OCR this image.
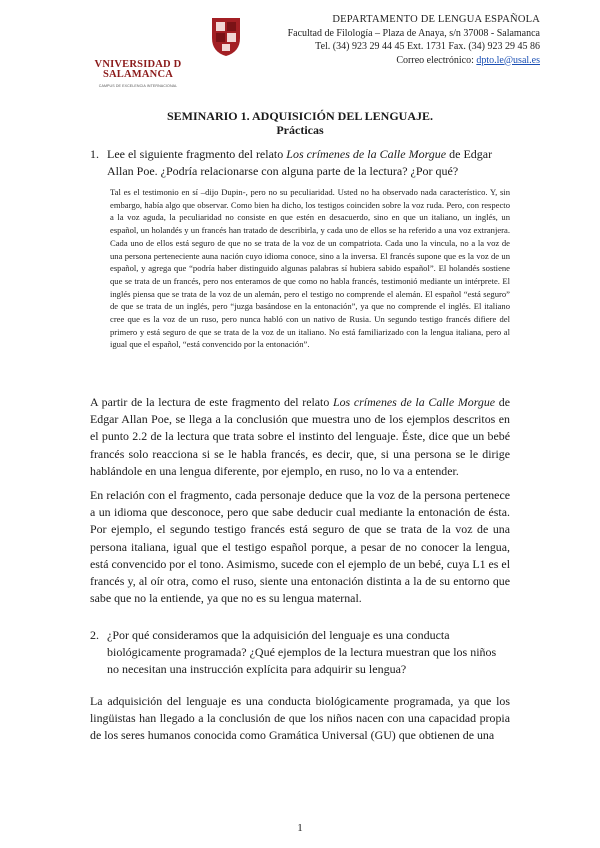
VNIVERSIDAD D SALAMANCA
CAMPUS DE EXCELENCIA INTERNACIONAL
DEPARTAMENTO DE LENGUA ESPAÑOLA
Facultad de Filología – Plaza de Anaya, s/n 37008 - Salamanca
Tel. (34) 923 29 44 45 Ext. 1731 Fax. (34) 923 29 45 86
Correo electrónico: dpto.le@usal.es
SEMINARIO 1. ADQUISICIÓN DEL LENGUAJE.
Prácticas
1. Lee el siguiente fragmento del relato Los crímenes de la Calle Morgue de Edgar Allan Poe. ¿Podría relacionarse con alguna parte de la lectura? ¿Por qué?
Tal es el testimonio en sí –dijo Dupin-, pero no su peculiaridad. Usted no ha observado nada característico. Y, sin embargo, había algo que observar. Como bien ha dicho, los testigos coinciden sobre la voz ruda. Pero, con respecto a la voz aguda, la peculiaridad no consiste en que estén en desacuerdo, sino en que un italiano, un inglés, un español, un holandés y un francés han tratado de describirla, y cada uno de ellos se ha referido a una voz extranjera. Cada uno de ellos está seguro de que no se trata de la voz de un compatriota. Cada uno la vincula, no a la voz de una persona perteneciente auna nación cuyo idioma conoce, sino a la inversa. El francés supone que es la voz de un español, y agrega que “podría haber distinguido algunas palabras sí hubiera sabido español”. El holandés sostiene que se trata de un francés, pero nos enteramos de que como no habla francés, testimonió mediante un intérprete. El inglés piensa que se trata de la voz de un alemán, pero el testigo no comprende el alemán. El español “está seguro” de que se trata de un inglés, pero “juzga basándose en la entonación”, ya que no comprende el inglés. El italiano cree que es la voz de un ruso, pero nunca habló con un nativo de Rusia. Un segundo testigo francés difiere del primero y está seguro de que se trata de la voz de un italiano. No está familiarizado con la lengua italiana, pero al igual que el español, “está convencido por la entonación”.
A partir de la lectura de este fragmento del relato Los crímenes de la Calle Morgue de Edgar Allan Poe, se llega a la conclusión que muestra uno de los ejemplos descritos en el punto 2.2 de la lectura que trata sobre el instinto del lenguaje. Éste, dice que un bebé francés solo reacciona si se le habla francés, es decir, que, si una persona se le dirige hablándole en una lengua diferente, por ejemplo, en ruso, no lo va a entender.
En relación con el fragmento, cada personaje deduce que la voz de la persona pertenece a un idioma que desconoce, pero que sabe deducir cual mediante la entonación de ésta. Por ejemplo, el segundo testigo francés está seguro de que se trata de la voz de una persona italiana, igual que el testigo español porque, a pesar de no conocer la lengua, está convencido por el tono. Asimismo, sucede con el ejemplo de un bebé, cuya L1 es el francés y, al oír otra, como el ruso, siente una entonación distinta a la de su entorno que sabe que no la entiende, ya que no es su lengua maternal.
2. ¿Por qué consideramos que la adquisición del lenguaje es una conducta biológicamente programada? ¿Qué ejemplos de la lectura muestran que los niños no necesitan una instrucción explícita para adquirir su lengua?
La adquisición del lenguaje es una conducta biológicamente programada, ya que los lingüistas han llegado a la conclusión de que los niños nacen con una capacidad propia de los seres humanos conocida como Gramática Universal (GU) que obtienen de una
1
